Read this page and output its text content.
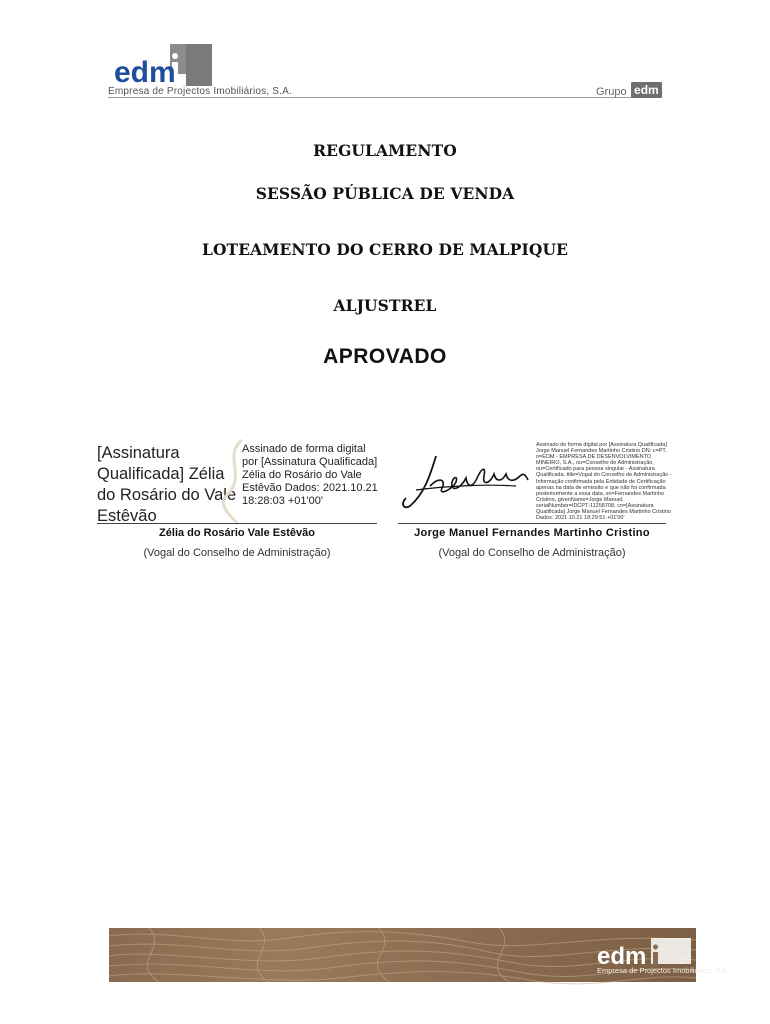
edm
Empresa de Projectos Imobiliários, S.A.	Grupo edm
REGULAMENTO
SESSÃO PÚBLICA DE VENDA
LOTEAMENTO DO CERRO DE MALPIQUE
ALJUSTREL
APROVADO
[Assinatura Qualificada] Zélia do Rosário do Vale Estêvão
Assinado de forma digital por [Assinatura Qualificada] Zélia do Rosário do Vale Estêvão Dados: 2021.10.21 18:28:03 +01'00'
Zélia do Rosário Vale Estêvão
(Vogal do Conselho de Administração)
Assinado de forma digital por [Assinatura Qualificada] Jorge Manuel Fernandes Martinho Cristino DN: c=PT, o=EDM - EMPRESA DE DESENVOLVIMENTO MINEIRO, S.A., ou=Conselho de Administração, ou=Certificado para pessoa singular - Assinatura Qualificada, title=Vogal do Conselho de Administração - Informação confirmada pela Entidade de Certificação apenas na data de emissão e que não foi confirmada posteriormente a essa data, sn=Fernandes Martinho Cristino, givenName=Jorge Manuel, serialNumber=IDCPT-11258708, cn=[Assinatura Qualificada] Jorge Manuel Fernandes Martinho Cristino Dados: 2021.10.21 18:29:51 +01'00'
Jorge Manuel Fernandes Martinho Cristino
(Vogal do Conselho de Administração)
edm
Empresa de Projectos Imobiliários, S.A.
